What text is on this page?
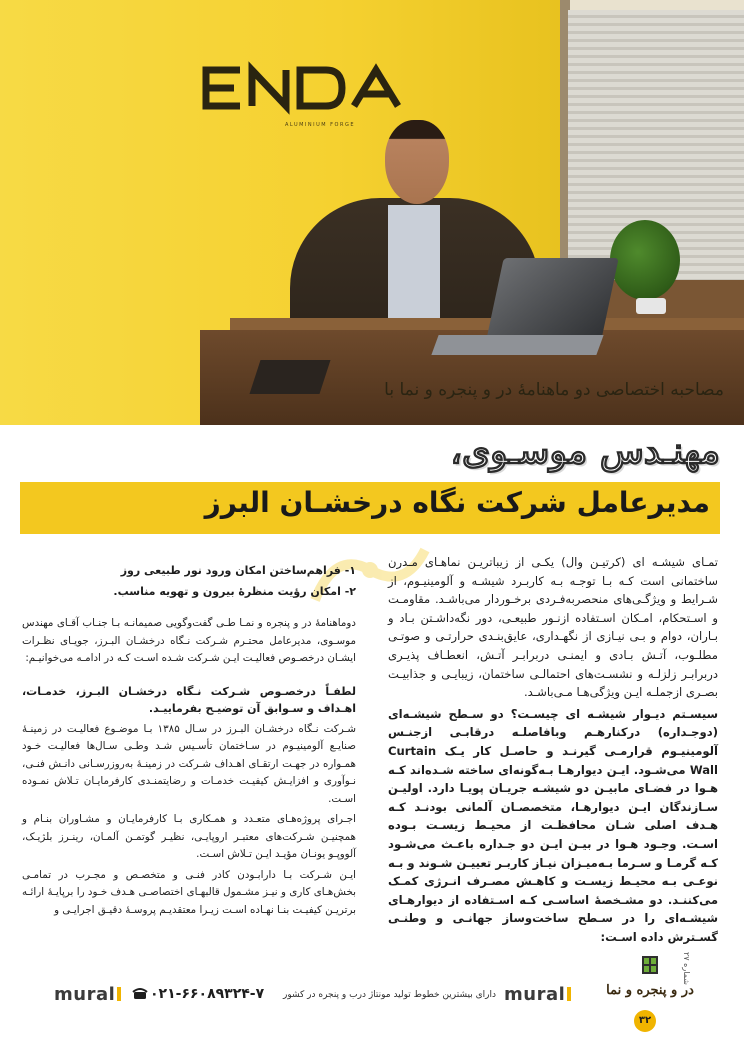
ALUMINIUM FORGE
مصاحبه اختصاصی دو ماهنامۀ در و پنجره و نما با
مهنـدس موسـوی،
مدیرعامل شرکت نگاه درخشـان البرز

تمـای شیشـه ای (کرتیـن وال) یکـی از زیباتریـن نماهـای مـدرن ساختمانی است کـه بـا توجـه بـه کاربـرد شیشـه و آلومینیـوم، از شـرایط و ویژگـی‌های منحصربه‌فـردی برخـوردار می‌باشـد. مقاومـت و اسـتحکام، امـکان اسـتفاده ازنـور طبیعـی، دور نگه‌داشـتن بـاد و بـاران، دوام و بـی نیـازی از نگهـداری، عایق‌بنـدی حرارتـی و صوتـی مطلـوب، آتـش بـادی و ایمنـی دربرابـر آتـش، انعطـاف پذیـری دربرابـر زلزلـه و نشسـت‌های احتمالـی ساختمان، زیبایـی و جذابیـت بصـری ازجملـه ایـن ویژگی‌هـا مـی‌باشـد.

سیسـتم دیـوار شیشـه ای چیسـت؟ دو سـطح شیشـه‌ای (دوجـداره) درکنارهـم وبافاصلـه درقابـی ازجنـس آلومینیـوم قرارمـی گیرنـد و حاصـل کار یـک Curtain Wall می‌شـود. ایـن دیوارهـا بـه‌گونه‌ای ساخته شـده‌اند کـه هـوا در فضـای مابیـن دو شیشـه جریـان پویـا دارد. اولیـن سـازندگان ایـن دیوارهـا، متخصصـان آلمانی بودنـد کـه هـدف اصلی شـان محافظـت از محیـط زیسـت بـوده اسـت. وجـود هـوا در بیـن ایـن دو جـداره باعـث می‌شـود کـه گرمـا و سـرما بـه‌میـزان نیـاز کاربـر تعییـن شـوند و بـه نوعـی بـه محیـط زیسـت و کاهـش مصـرف انـرژی کمـک می‌کننـد. دو مشـخصۀ اساسـی کـه اسـتفاده از دیوارهـای شیشـه‌ای را در سـطح ساخت‌وساز جهانـی و وطنـی گسـترش داده اسـت:

۱- فراهم‌ساختن امکان ورود نور طبیعی روز

۲- امکان رؤیت منظرۀ بیرون و تهویه مناسب.

دوماهنامۀ در و پنجره و نمـا طـی گفت‌وگویی صمیمانـه بـا جنـاب آقـای مهندس موسـوی، مدیرعامل محتـرم شـرکت نـگاه درخشـان البـرز، جویـای نظـرات ایشـان درخصـوص فعالیـت ایـن شـرکت شـده اسـت کـه در ادامـه می‌خوانیـم:

لطفـاً درخصـوص شـرکت نـگاه درخشـان البـرز، خدمـات، اهـداف و سـوابق آن توضیـح بفرماییـد.

شـرکت نـگاه درخشـان البـرز در سـال ۱۳۸۵ بـا موضـوع فعالیـت در زمینـۀ صنایـع آلومینیـوم در سـاختمان تأسـیس شـد وطـی سـال‌ها فعالیـت خـود همـواره در جهـت ارتقـای اهـداف شـرکت در زمینـۀ به‌روزرسـانی دانـش فنـی، نـوآوری و افزایـش کیفیـت خدمـات و رضایتمنـدی کارفرمایـان تـلاش نمـوده اسـت.

اجـرای پروژه‌هـای متعـدد و همـکاری بـا کارفرمایـان و مشـاوران بنـام و همچنیـن شـرکت‌های معتبـر اروپایـی، نظیـر گوتمـن آلمـان، رینـرز بلژیـک، آلووپـو یونـان مؤیـد ایـن تـلاش اسـت.

ایـن شـرکت بـا دارابـودن کادر فنـی و متخصـص و مجـرب در تمامـی بخش‌هـای کاری و نیـز مشـمول قالبهـای اختصاصـی هـدف خـود را برپایـۀ ارائـه برتریـن کیفیـت بنـا نهـاده اسـت زیـرا معتقدیـم پروسـۀ دقیـق اجرایـی و

mural	۰۲۱-۶۶۰۸۹۳۲۴-۷	دارای بیشترین خطوط تولید مونتاژ درب و پنجره در کشور mural	در و پنجره و نما
۳۲
شماره ۲۷
